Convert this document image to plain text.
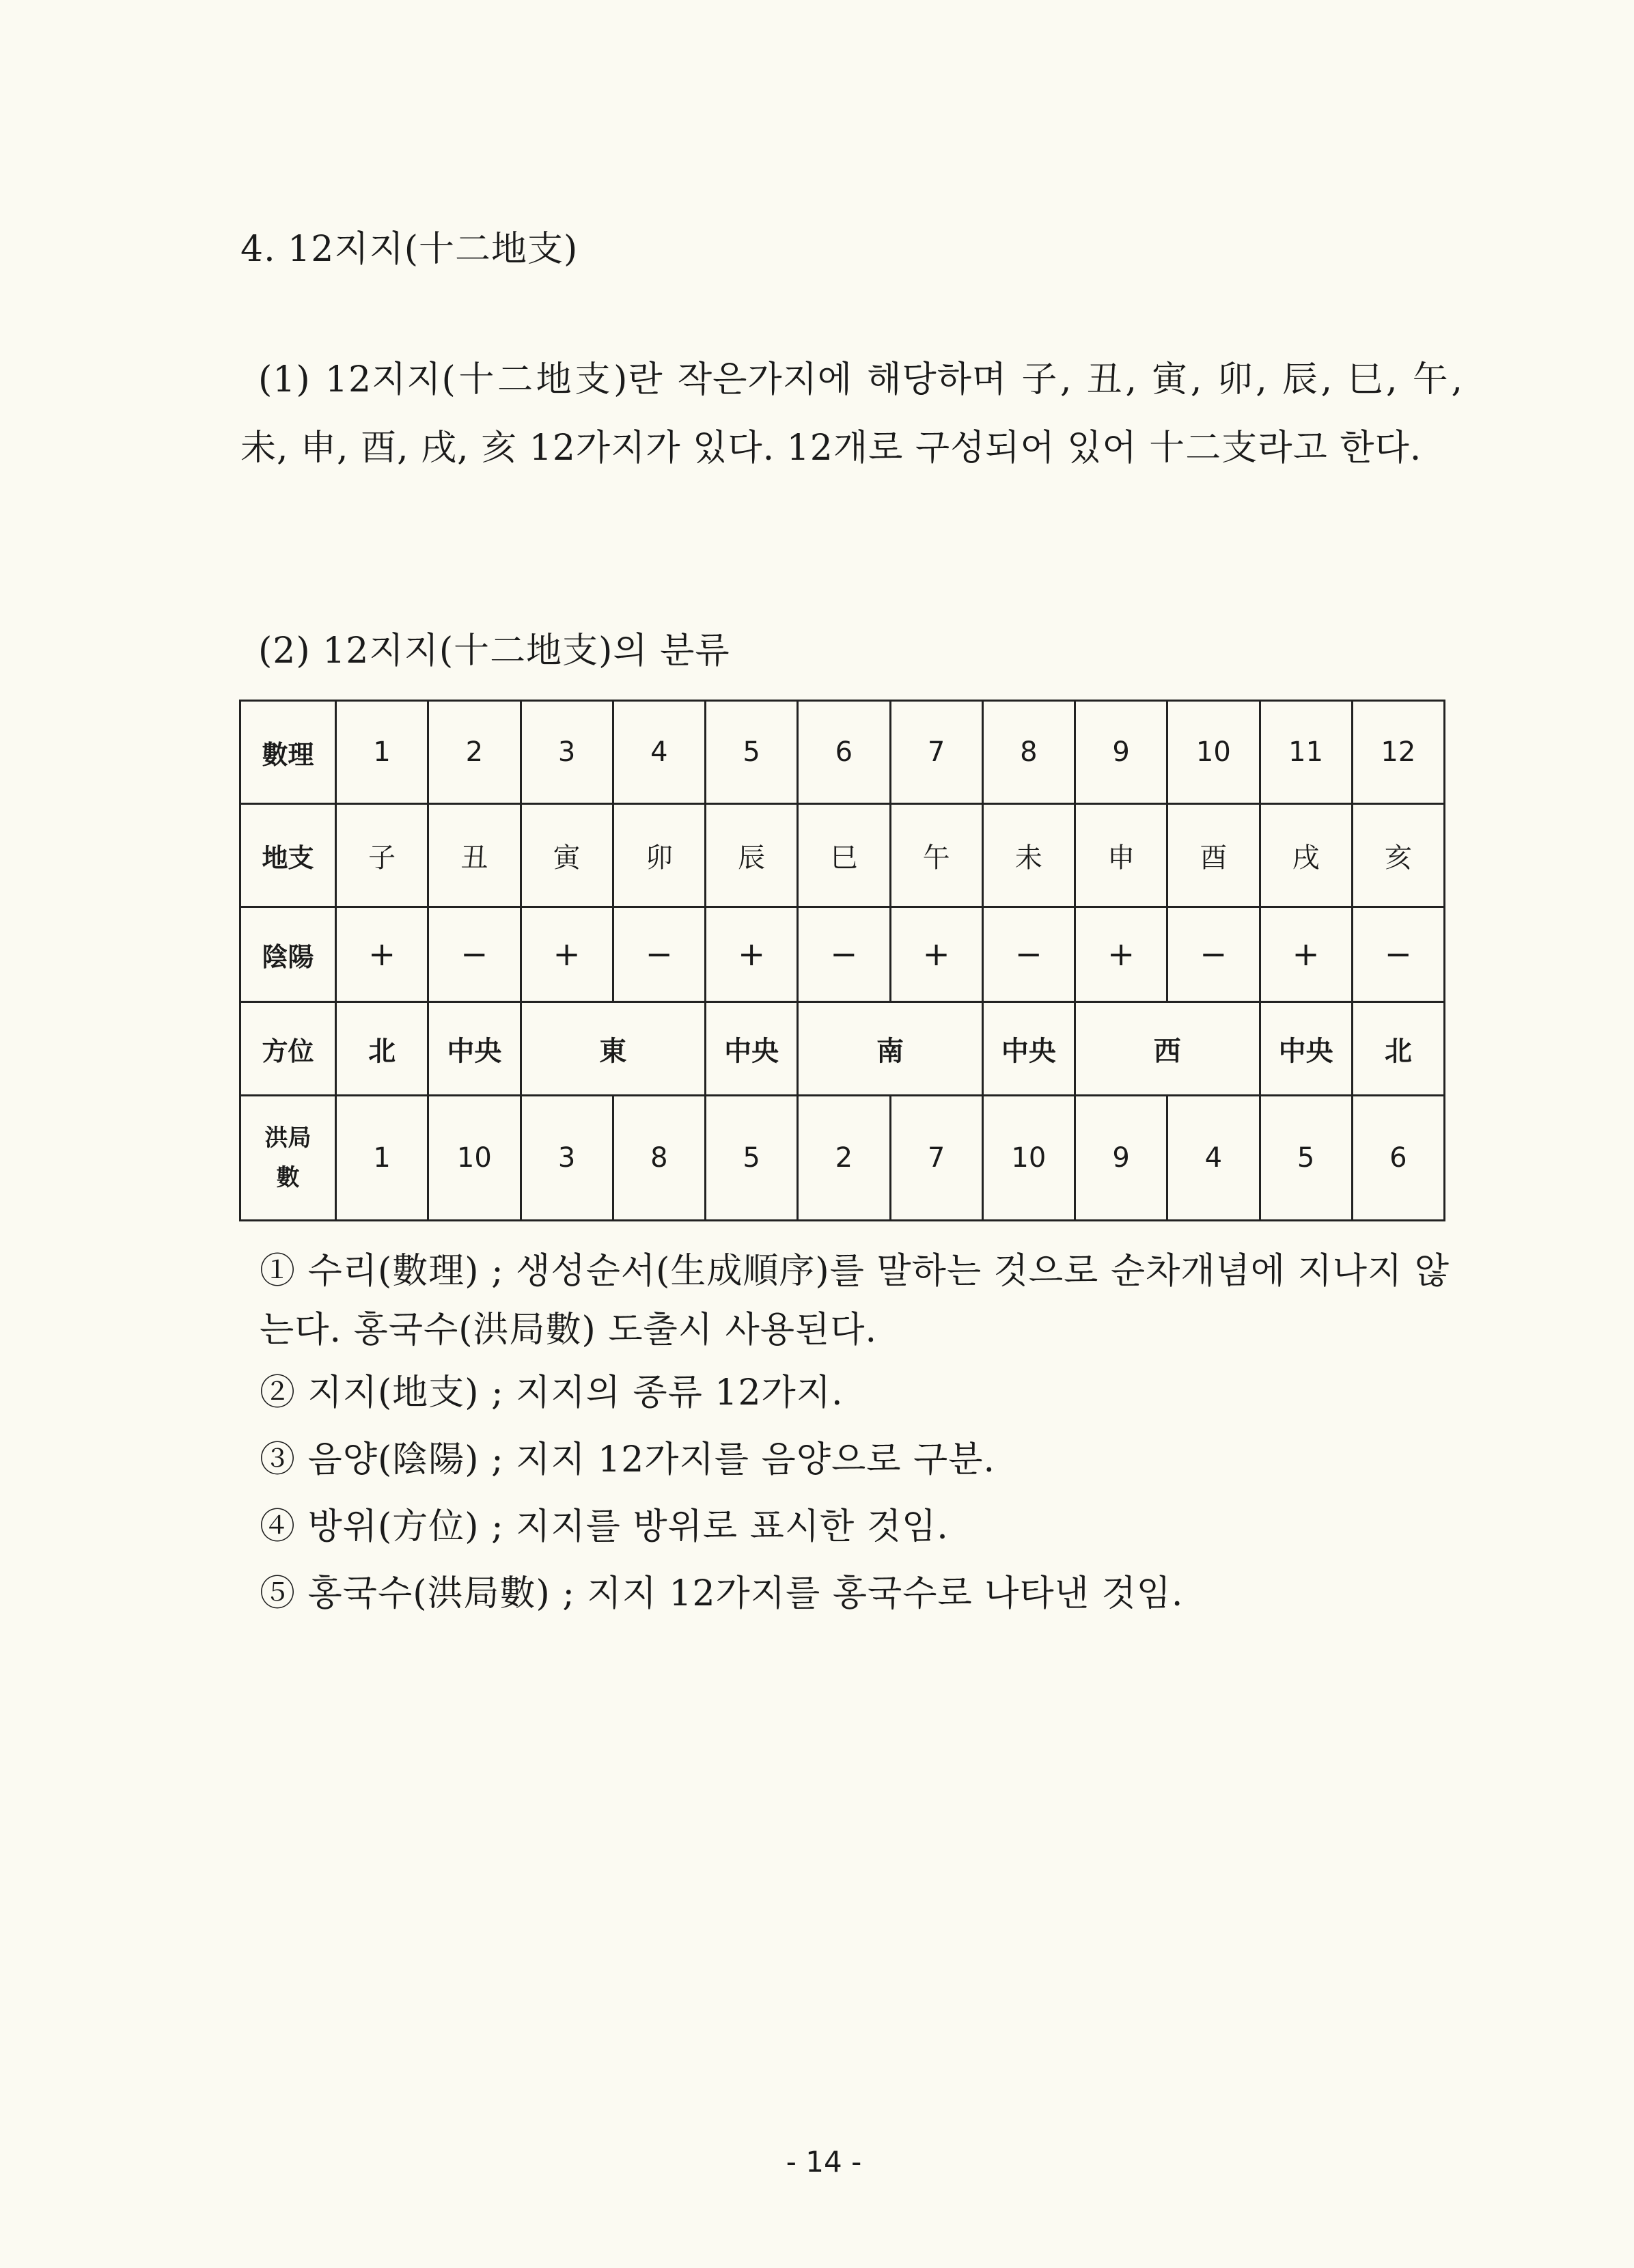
4. 12지지(十二地支)
(1) 12지지(十二地支)란 작은가지에 해당하며 子, 丑, 寅, 卯, 辰, 巳, 午, 未, 申, 酉, 戌, 亥 12가지가 있다. 12개로 구성되어 있어 十二支라고 한다.
(2) 12지지(十二地支)의 분류
數理	1	2	3	4	5	6	7	8	9	10	11	12
地支	子	丑	寅	卯	辰	巳	午	未	申	酉	戌	亥
陰陽	+	−	+	−	+	−	+	−	+	−	+	−
方位	北	中央	東		中央	南		中央	西		中央	北

洪局
數	1	10	3	8	5	2	7	10	9	4	5	6
① 수리(數理) ; 생성순서(生成順序)를 말하는 것으로 순차개념에 지나지 않는다. 홍국수(洪局數) 도출시 사용된다.
② 지지(地支) ; 지지의 종류 12가지.
③ 음양(陰陽) ; 지지 12가지를 음양으로 구분.
④ 방위(方位) ; 지지를 방위로 표시한 것임.
⑤ 홍국수(洪局數) ; 지지 12가지를 홍국수로 나타낸 것임.
- 14 -
